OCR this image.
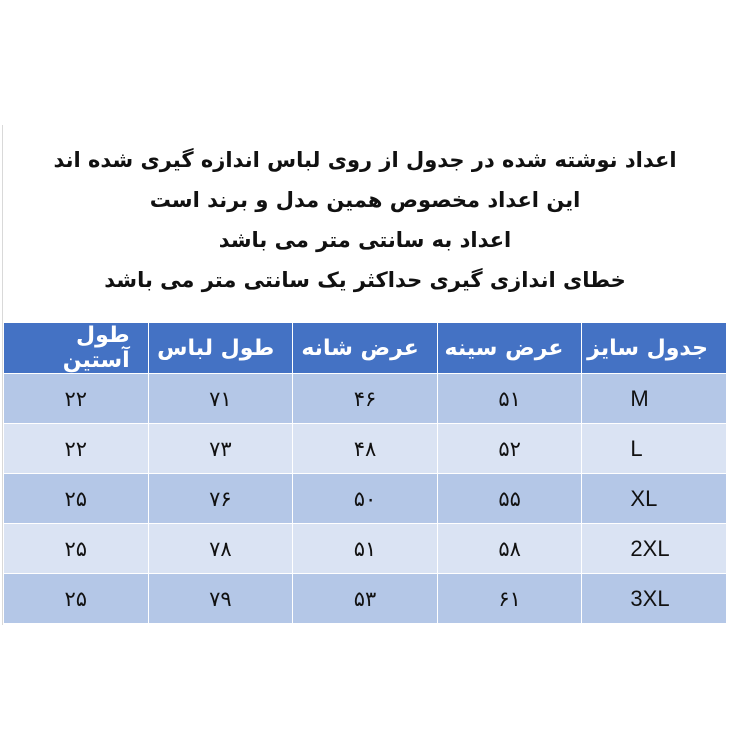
اعداد نوشته شده در جدول از روی لباس اندازه گیری شده اند
این اعداد مخصوص همین مدل و برند است
اعداد به سانتی متر می باشد
خطای اندازی گیری حداکثر یک سانتی متر می باشد
جدول سایز	عرض سینه	عرض شانه	طول لباس	طول آستین
M	۵۱	۴۶	۷۱	۲۲
L	۵۲	۴۸	۷۳	۲۲
XL	۵۵	۵۰	۷۶	۲۵
2XL	۵۸	۵۱	۷۸	۲۵
3XL	۶۱	۵۳	۷۹	۲۵
